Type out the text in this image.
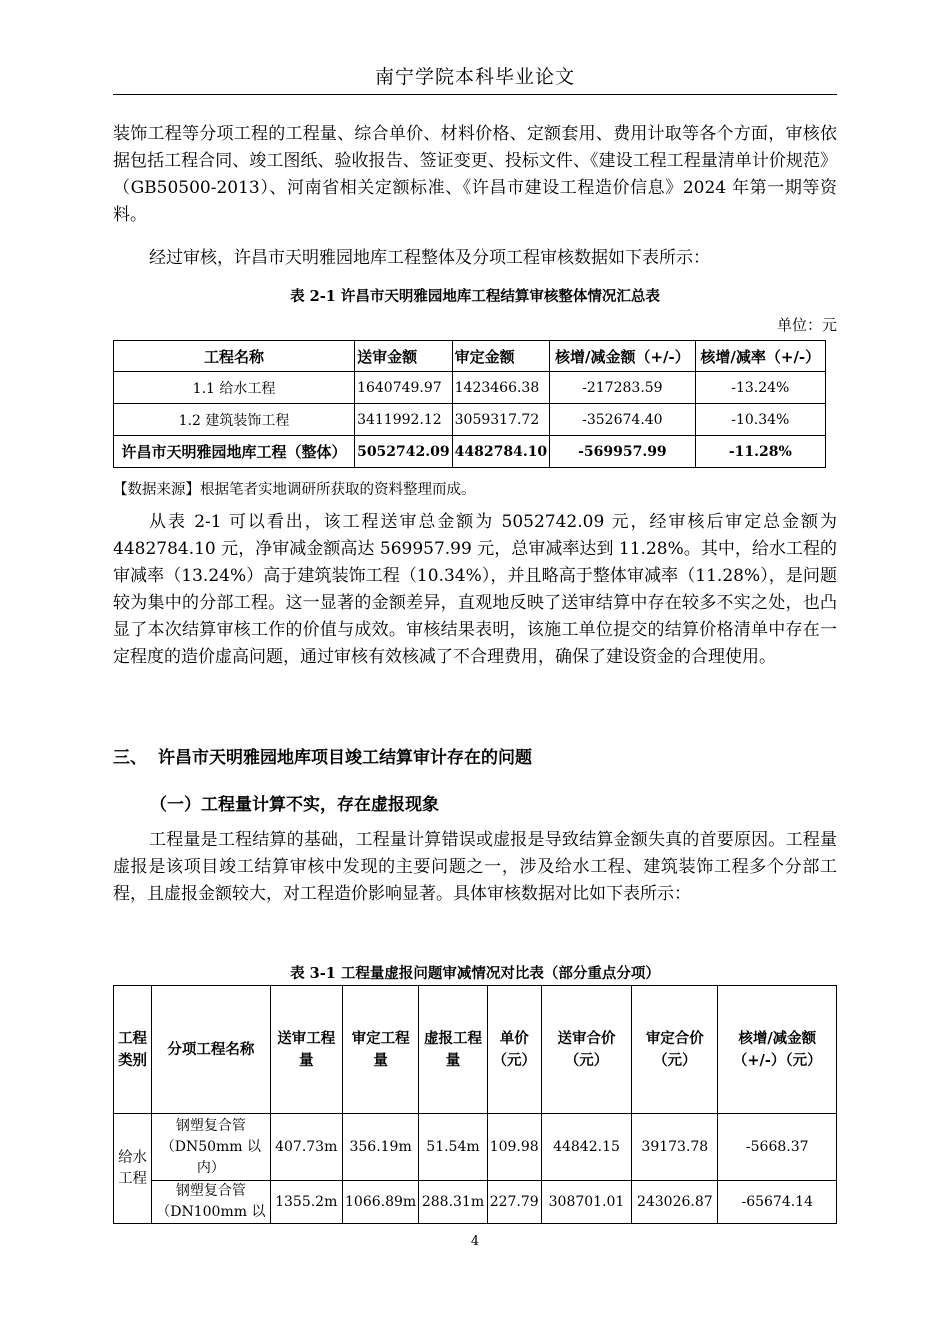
南宁学院本科毕业论文
装饰工程等分项工程的工程量、综合单价、材料价格、定额套用、费用计取等各个方面，审核依据包括工程合同、竣工图纸、验收报告、签证变更、投标文件、《建设工程工程量清单计价规范》（GB50500-2013）、河南省相关定额标准、《许昌市建设工程造价信息》2024 年第一期等资料。
经过审核，许昌市天明雅园地库工程整体及分项工程审核数据如下表所示：
表 2-1 许昌市天明雅园地库工程结算审核整体情况汇总表
单位：元
工程名称	送审金额	审定金额	核增/减金额（+/-）	核增/减率（+/-）
1.1 给水工程	1640749.97	1423466.38	-217283.59	-13.24%
1.2 建筑装饰工程	3411992.12	3059317.72	-352674.40	-10.34%
许昌市天明雅园地库工程（整体）	5052742.09	4482784.10	-569957.99	-11.28%
【数据来源】根据笔者实地调研所获取的资料整理而成。
从表 2-1 可以看出，该工程送审总金额为 5052742.09 元，经审核后审定总金额为 4482784.10 元，净审减金额高达 569957.99 元，总审减率达到 11.28%。其中，给水工程的审减率（13.24%）高于建筑装饰工程（10.34%），并且略高于整体审减率（11.28%），是问题较为集中的分部工程。这一显著的金额差异，直观地反映了送审结算中存在较多不实之处，也凸显了本次结算审核工作的价值与成效。审核结果表明，该施工单位提交的结算价格清单中存在一定程度的造价虚高问题，通过审核有效核减了不合理费用，确保了建设资金的合理使用。
三、 许昌市天明雅园地库项目竣工结算审计存在的问题
（一）工程量计算不实，存在虚报现象
工程量是工程结算的基础，工程量计算错误或虚报是导致结算金额失真的首要原因。工程量虚报是该项目竣工结算审核中发现的主要问题之一，涉及给水工程、建筑装饰工程多个分部工程，且虚报金额较大，对工程造价影响显著。具体审核数据对比如下表所示：
表 3-1 工程量虚报问题审减情况对比表（部分重点分项）
工程类别	分项工程名称	送审工程量	审定工程量	虚报工程量	单价（元）	送审合价（元）	审定合价（元）	核增/减金额（+/-）（元）
给水工程	钢塑复合管（DN50mm 以内）	407.73m	356.19m	51.54m	109.98	44842.15	39173.78	-5668.37
	钢塑复合管（DN100mm 以	1355.2m	1066.89m	288.31m	227.79	308701.01	243026.87	-65674.14
4
